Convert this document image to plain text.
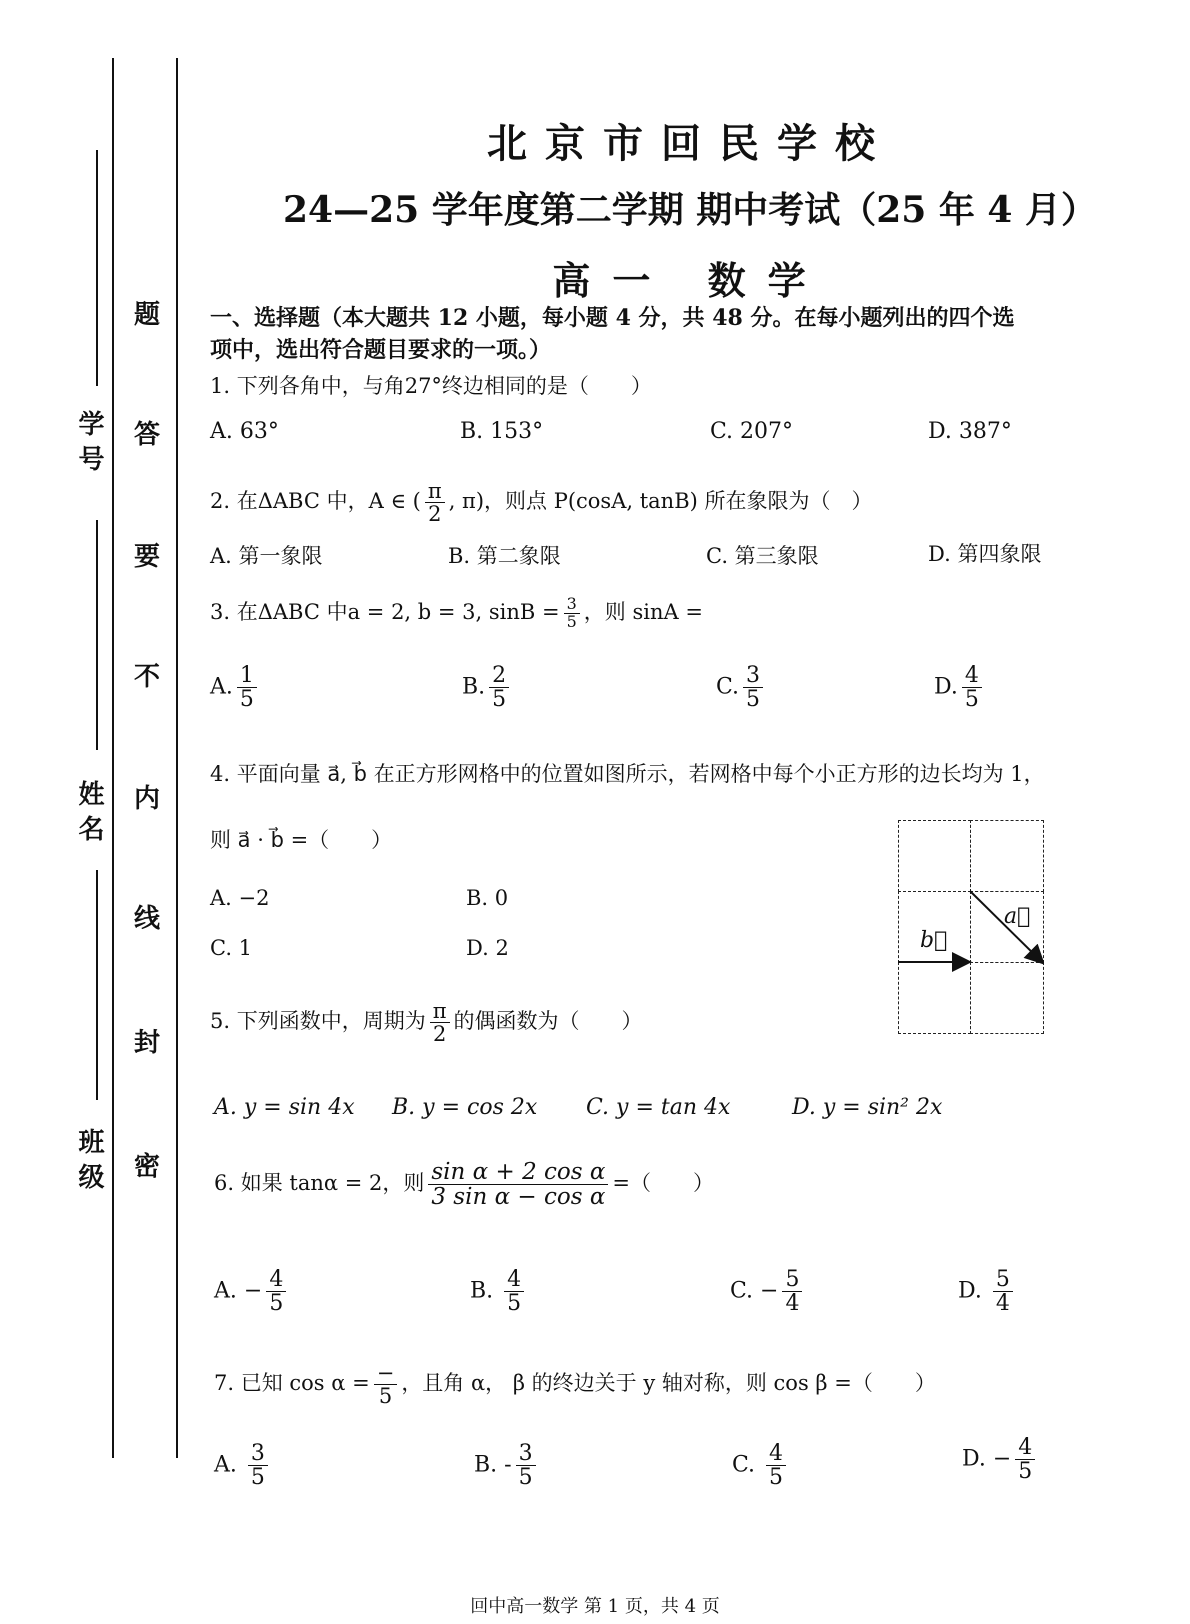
学 号
姓 名
班 级
题
答
要
不
内
线
封
密
北京市回民学校
24—25 学年度第二学期 期中考试（25 年 4 月）
高一 数学
一、选择题（本大题共 12 小题，每小题 4 分，共 48 分。在每小题列出的四个选
项中，选出符合题目要求的一项。）
1. 下列各角中，与角27°终边相同的是（　　）
A. 63°	B. 153°	C. 207°	D. 387°
2. 在ΔABC 中，A ∈ ( $\frac{\pi}{2}$ , π)，则点 P(cosA, tanB) 所在象限为（　）
A. 第一象限	B. 第二象限	C. 第三象限	D. 第四象限
3. 在ΔABC 中a = 2, b = 3, $\sin B = \frac{3}{5}$ ，则 sinA =
A. $\frac{1}{5}$	B. $\frac{2}{5}$	C. $\frac{3}{5}$	D. $\frac{4}{5}$
4. 平面向量 a⃗, b⃗ 在正方形网格中的位置如图所示，若网格中每个小正方形的边长均为 1，
则 a⃗ · b⃗ =（　　）
A. −2	B. 0
C. 1	D. 2
a⃗
b⃗
5. 下列函数中，周期为 $\frac{\pi}{2}$ 的偶函数为（　　）
A. y = sin 4x B. y = cos 2x C. y = tan 4x	D. y = sin² 2x
6. 如果 tanα = 2，则 $\frac{\text{sin α + 2 cos α}}{\text{3 sin α − cos α}}$ =（　　）
A. − $\frac{4}{5}$	B. $\frac{4}{5}$	C. − $\frac{5}{4}$	D. $\frac{5}{4}$
7. 已知 $\cos \alpha = \frac{-}{5}$ ，且角 α， β 的终边关于 y 轴对称，则 cos β =（　　）
A. $\frac{3}{5}$	B. - $\frac{3}{5}$	C. $\frac{4}{5}$	D. − $\frac{4}{5}$
回中高一数学 第 1 页，共 4 页
